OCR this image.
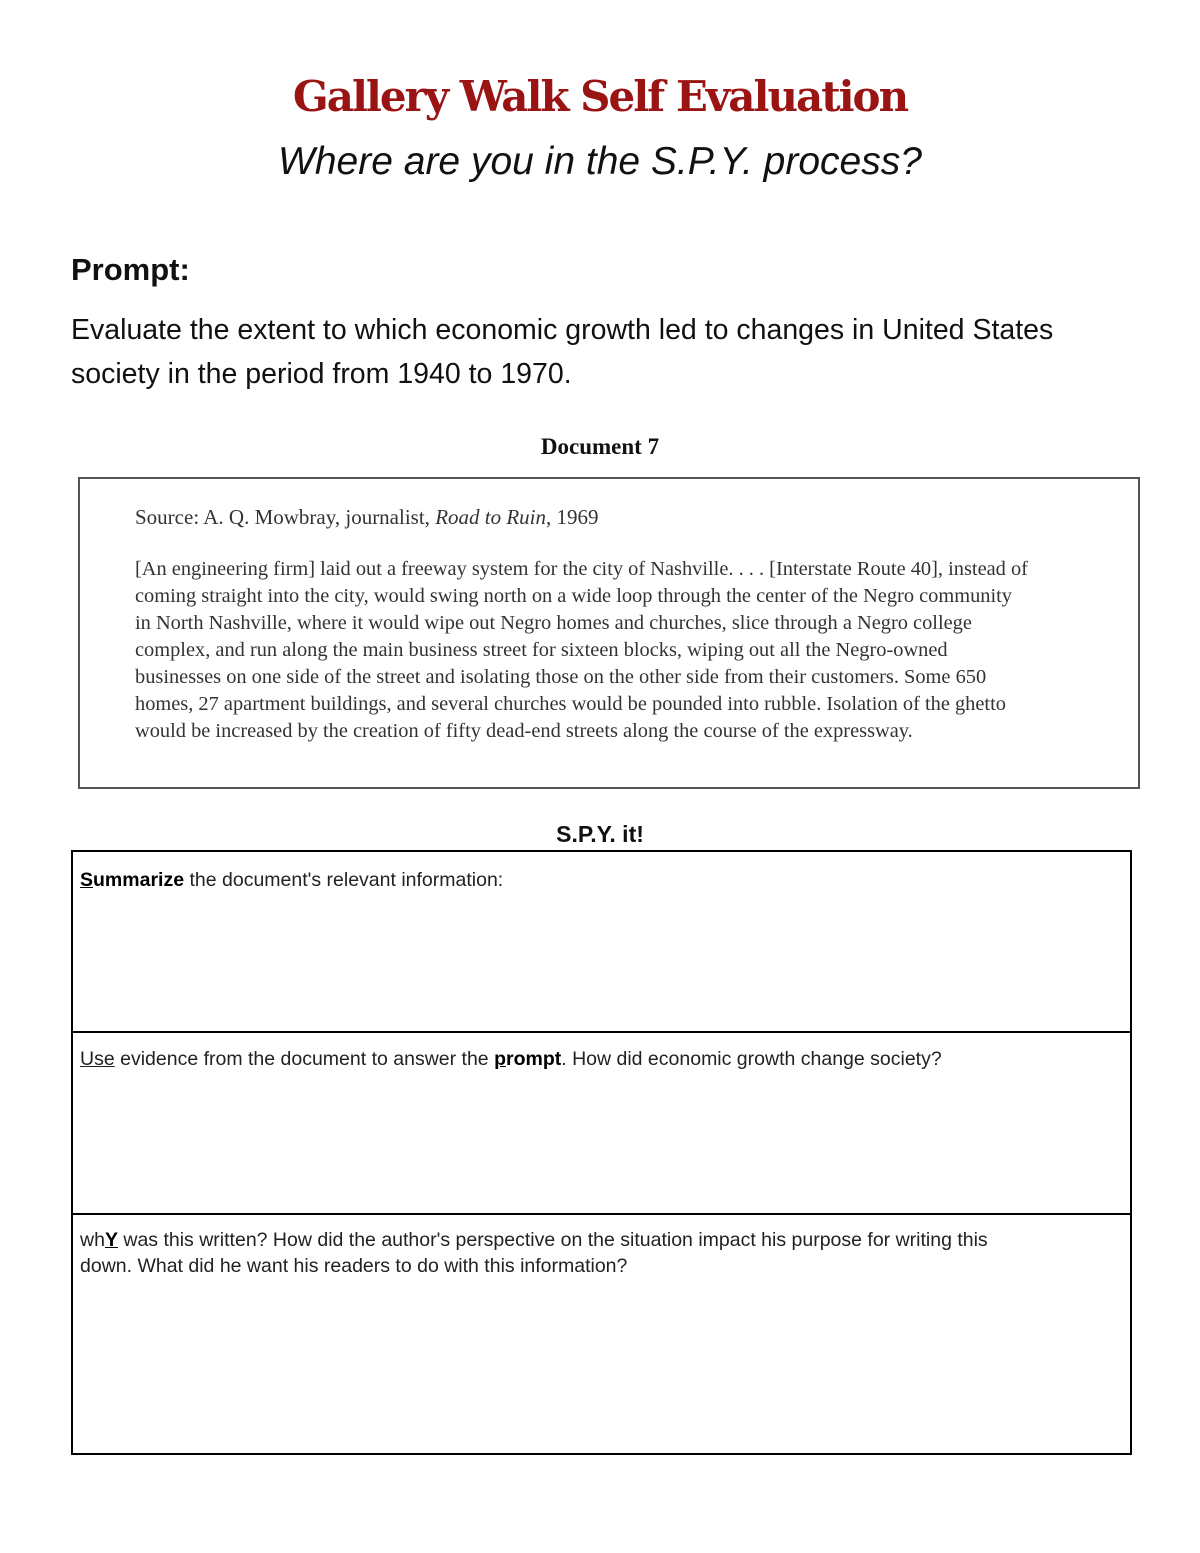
Gallery Walk Self Evaluation
Where are you in the S.P.Y. process?
Prompt:
Evaluate the extent to which economic growth led to changes in United States society in the period from 1940 to 1970.
Document 7
Source: A. Q. Mowbray, journalist, Road to Ruin, 1969
[An engineering firm] laid out a freeway system for the city of Nashville. . . . [Interstate Route 40], instead of
coming straight into the city, would swing north on a wide loop through the center of the Negro community
in North Nashville, where it would wipe out Negro homes and churches, slice through a Negro college
complex, and run along the main business street for sixteen blocks, wiping out all the Negro-owned
businesses on one side of the street and isolating those on the other side from their customers. Some 650
homes, 27 apartment buildings, and several churches would be pounded into rubble. Isolation of the ghetto
would be increased by the creation of fifty dead-end streets along the course of the expressway.
S.P.Y. it!
Summarize the document's relevant information:
Use evidence from the document to answer the prompt. How did economic growth change society?
whY was this written? How did the author's perspective on the situation impact his purpose for writing this
down. What did he want his readers to do with this information?
